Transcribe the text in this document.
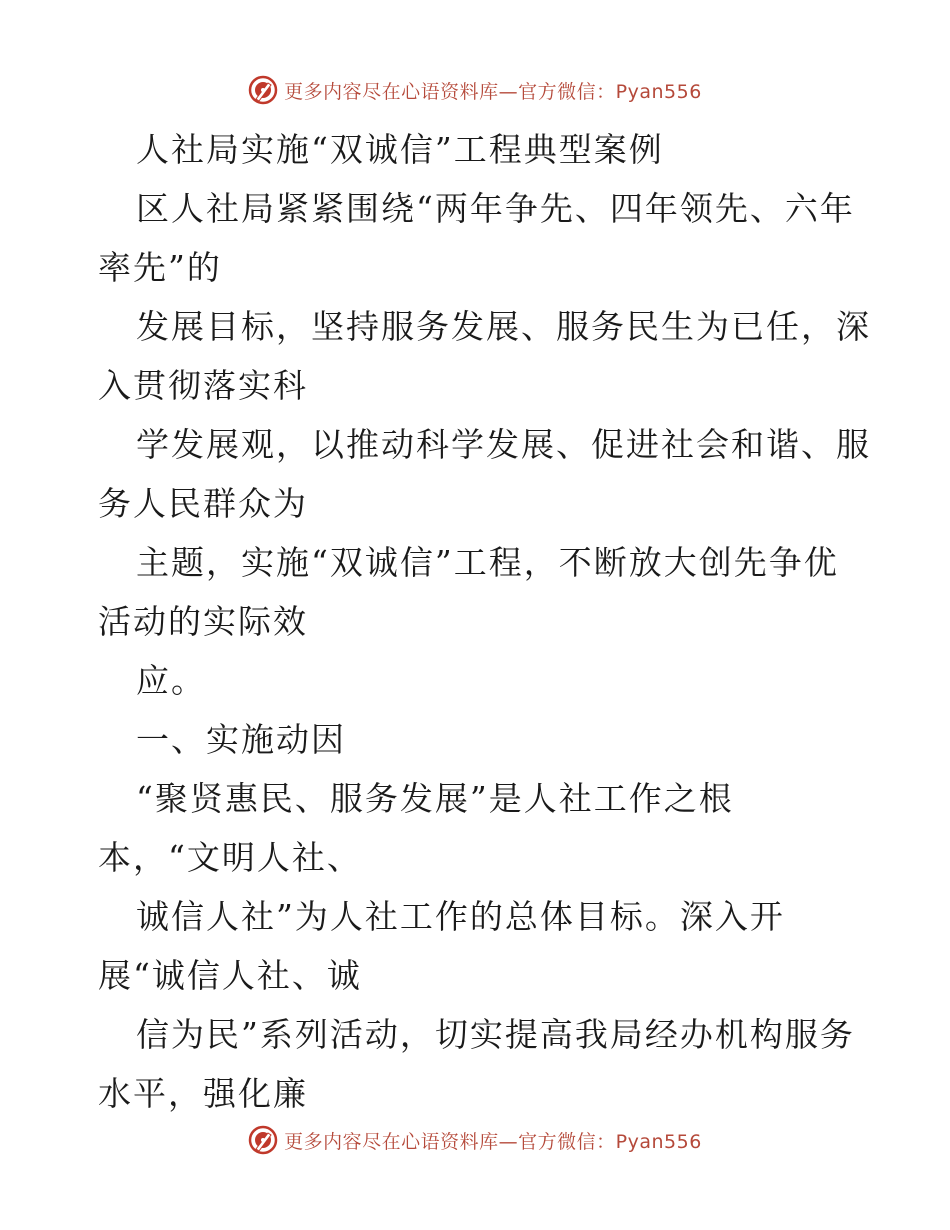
更多内容尽在心语资料库—官方微信：Pyan556
人社局实施“双诚信”工程典型案例
区人社局紧紧围绕“两年争先、四年领先、六年
率先”的
发展目标，坚持服务发展、服务民生为已任，深
入贯彻落实科
学发展观，以推动科学发展、促进社会和谐、服
务人民群众为
主题，实施“双诚信”工程，不断放大创先争优
活动的实际效
应。
一、实施动因
“聚贤惠民、服务发展”是人社工作之根
本，“文明人社、
诚信人社”为人社工作的总体目标。深入开
展“诚信人社、诚
信为民”系列活动，切实提高我局经办机构服务
水平，强化廉
更多内容尽在心语资料库—官方微信：Pyan556
